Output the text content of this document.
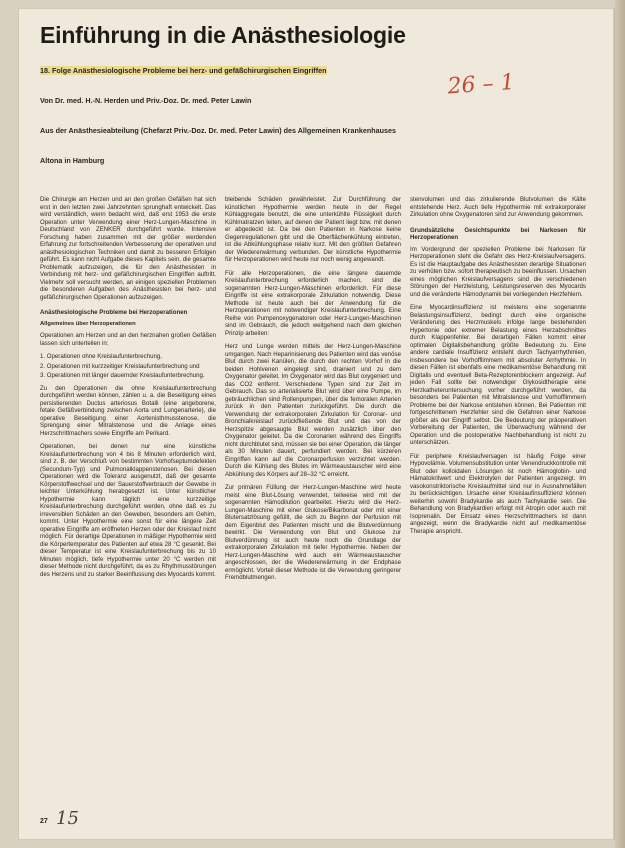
Einführung in die Anästhesiologie
18. Folge Anästhesiologische Probleme bei herz- und gefäßchirurgischen Eingriffen
Von Dr. med. H.-N. Herden und Priv.-Doz. Dr. med. Peter Lawin
Aus der Anästhesieabteilung (Chefarzt Priv.-Doz. Dr. med. Peter Lawin) des Allgemeinen Krankenhauses
Altona in Hamburg
26 – 1

Die Chirurgie am Herzen und an den großen Gefäßen hat sich erst in den letzten zwei Jahrzehnten sprunghaft entwickelt. Das wird verständlich, wenn bedacht wird, daß erst 1953 die erste Operation unter Verwendung einer Herz-Lungen-Maschine in Deutschland von ZENKER durchgeführt wurde. Intensive Forschung haben zusammen mit der größer werdenden Erfahrung zur fortschreitenden Verbesserung der operativen und anästhesiologischen Techniken und damit zu besseren Erfolgen geführt. Es kann nicht Aufgabe dieses Kapitels sein, die gesamte Problematik aufzuzeigen, die für den Anästhesisten in Verbindung mit herz- und gefäßchirurgischen Eingriffen auftritt. Vielmehr soll versucht werden, an einigen speziellen Problemen die besonderen Aufgaben des Anästhesisten bei herz- und gefäßchirurgischen Operationen aufzuzeigen.

Anästhesiologische Probleme bei Herzoperationen
Allgemeines über Herzoperationen

Operationen am Herzen und an den herznahen großen Gefäßen lassen sich unterteilen in:

1. Operationen ohne Kreislaufunterbrechung,
2. Operationen mit kurzzeitiger Kreislaufunterbrechung und
3. Operationen mit länger dauernder Kreislaufunterbrechung.

Zu den Operationen die ohne Kreislaufunterbrechung durchgeführt werden können, zählen u. a. die Beseitigung eines persistierenden Ductus arteriosus Botalli (eine angeborene, fetale Gefäßverbindung zwischen Aorta und Lungenarterie), die operative Beseitigung einer Aortenisthmusstenose, die Sprengung einer Mitralstenose und die Anlage eines Herzschrittmachers sowie Eingriffe am Perikard.

Operationen, bei denen nur eine künstliche Kreislaufunterbrechung von 4 bis 8 Minuten erforderlich wird, sind z. B. der Verschluß von bestimmten Vorhofseptumdefekten (Secundum-Typ) und Pulmonalklappenstenosen. Bei diesen Operationen wird die Toleranz ausgenutzt, daß der gesamte Körperstoffwechsel und der Sauerstoffverbrauch der Gewebe in leichter Unterkühlung herabgesetzt ist. Unter künstlicher Hypothermie kann täglich eine kurzzeitige Kreislaufunterbrechung durchgeführt werden, ohne daß es zu irreversiblen Schäden an den Geweben, besonders am Gehirn, kommt. Unter Hypothermie eine sonst für eine längere Zeit operative Eingriffe am eröffneten Herzen oder der Kreislauf nicht möglich. Für derartige Operationen in mäßiger Hypothermie wird die Körpertemperatur des Patienten auf etwa 28 °C gesenkt. Bei dieser Temperatur ist eine Kreislaufunterbrechung bis zu 10 Minuten möglich, tiefe Hypothermie unter 20 °C werden mit dieser Methode nicht durchgeführt, da es zu Rhythmusstörungen des Herzens und zu starker Beeinflussung des Myocards kommt.

bleibende Schäden gewährleistet. Zur Durchführung der künstlichen Hypothermie werden heute in der Regel Kühlaggregate benutzt, die eine unterkühlte Flüssigkeit durch Kühlmatratzen leiten, auf denen der Patient liegt bzw. mit denen er abgedeckt ist. Da bei den Patienten in Narkose keine Gegenregulationen gibt und die Oberflächenkühlung eintreten, ist die Abkühlungsphase relativ kurz. Mit den größten Gefahren der Wiedererwärmung verbunden. Der künstliche Hypothermie für Herzoperationen wird heute nur noch wenig angewandt.

Für alle Herzoperationen, die eine längere dauernde Kreislaufunterbrechung erforderlich machen, sind die sogenannten Herz-Lungen-Maschinen erforderlich. Für diese Eingriffe ist eine extrakorporale Zirkulation notwendig. Diese Methode ist heute auch bei der Anwendung für die Herzoperationen mit notwendiger Kreislaufunterbrechung. Eine Reihe von Pumpenoxygenatoren oder Herz-Lungen-Maschinen sind im Gebrauch, die jedoch weitgehend nach dem gleichen Prinzip arbeiten:

Herz und Lunge werden mittels der Herz-Lungen-Maschine umgangen. Nach Heparinisierung des Patienten wird das venöse Blut durch zwei Kanülen, die durch den rechten Vorhof in die beiden Hohlvenen eingelegt sind, drainiert und zu dem Oxygenator geleitet. Im Oxygenator wird das Blut oxygeniert und das CO2 entfernt. Verschiedene Typen sind zur Zeit im Gebrauch. Das so arterialisierte Blut wird über eine Pumpe, im gebräuchlichen sind Rollenpumpen, über die femoralen Arterien zurück in den Patienten zurückgeführt. Die durch die Verwendung der extrakorporalen Zirkulation für Coronar- und Bronchialkreislauf zurückfließende Blut und das von der Herzspitze abgesaugte Blut werden zusätzlich über den Oxygenator geleitet. Da die Coronarien während des Eingriffs nicht durchblutet sind, müssen sie bei einer Operation, die länger als 30 Minuten dauert, perfundiert werden. Bei kürzeren Eingriffen kann auf die Coronarperfusion verzichtet werden. Durch die Kühlung des Blutes im Wärmeaustauscher wird eine Abkühlung des Körpers auf 28–32 °C erreicht.

Zur primären Füllung der Herz-Lungen-Maschine wird heute meist eine Blut-Lösung verwendet, teilweise wird mit der sogenannten Hämodilution gearbeitet. Hierzu wird die Herz-Lungen-Maschine mit einer Glukose/Bikarbonat oder mit einer Blutersatzlösung gefüllt, die sich zu Beginn der Perfusion mit dem Eigenblut des Patienten mischt und die Blutverdünnung bewirkt. Die Verwendung von Blut und Glukose zur Blutverdünnung ist auch heute noch die Grundlage der extrakorporalen Zirkulation mit tiefer Hypothermie. Neben der Herz-Lungen-Maschine wird auch ein Wärmeaustauscher angeschlossen, der die Wiedererwärmung in der Endphase ermöglicht. Vorteil dieser Methode ist die Verwendung geringerer Fremdblutmengen.

stenvolumen und das zirkulierende Blutvolumen die Kälte entstehende Herz. Auch tiefe Hypothermie mit extrakorporaler Zirkulation ohne Oxygenatoren sind zur Anwendung gekommen.

Grundsätzliche Gesichtspunkte bei Narkosen für Herzoperationen

Im Vordergrund der speziellen Probleme bei Narkosen für Herzoperationen steht die Gefahr des Herz-Kreislaufversagens. Es ist die Hauptaufgabe des Anästhesisten derartige Situationen zu verhüten bzw. sofort therapeutisch zu beeinflussen. Ursachen eines möglichen Kreislaufversagens sind die verschiedenen Störungen der Herzleistung, Leistungsreserven des Myocards und die veränderte Hämodynamik bei vorliegenden Herzfehlern.

Eine Myocardinsuffizienz ist meistens eine sogenannte Belastungsinsuffizienz, bedingt durch eine organische Veränderung des Herzmuskels infolge lange bestehenden Hypertonie oder extremer Belastung eines Herzabschnittes durch Klappenfehler. Bei derartigen Fällen kommt einer optimalen Digitalisbehandlung größte Bedeutung zu. Eine andere cardiale Insuffizienz entsteht durch Tachyarrhythmien, insbesondere bei Vorhofflimmern mit absoluter Arrhythmie. In diesen Fällen ist ebenfalls eine medikamentöse Behandlung mit Digitalis und eventuell Beta-Rezeptorenblockern angezeigt. Auf jeden Fall sollte bei notwendiger Glykosidtherapie eine Herzkatheteruntersuchung vorher durchgeführt werden, da besonders bei Patienten mit Mitralstenose und Vorhofflimmern Probleme bei der Narkose entstehen können. Bei Patienten mit fortgeschrittenem Herzfehler sind die Gefahren einer Narkose größer als der Eingriff selbst. Die Bedeutung der präoperativen Vorbereitung der Patienten, die Überwachung während der Operation und die postoperative Nachbehandlung ist nicht zu unterschätzen.

Für periphere Kreislaufversagen ist häufig Folge einer Hypovolämie. Volumensubstitution unter Venendruckkontrolle mit Blut oder kolloidalen Lösungen ist noch Hämoglobin- und Hämatokritwert und Elektrolyten der Patienten angezeigt. Im vasokonstriktorische Kreislaufmittel sind nur in Ausnahmefällen zu berücksichtigen. Ursache einer Kreislaufinsuffizienz können weiterhin sowohl Bradykardie als auch Tachykardie sein. Die Behandlung von Bradykardien erfolgt mit Atropin oder auch mit Isoprenalin. Der Einsatz eines Herzschrittmachers ist dann angezeigt, wenn die Bradykardie nicht auf medikamentöse Therapie anspricht.

27 15
